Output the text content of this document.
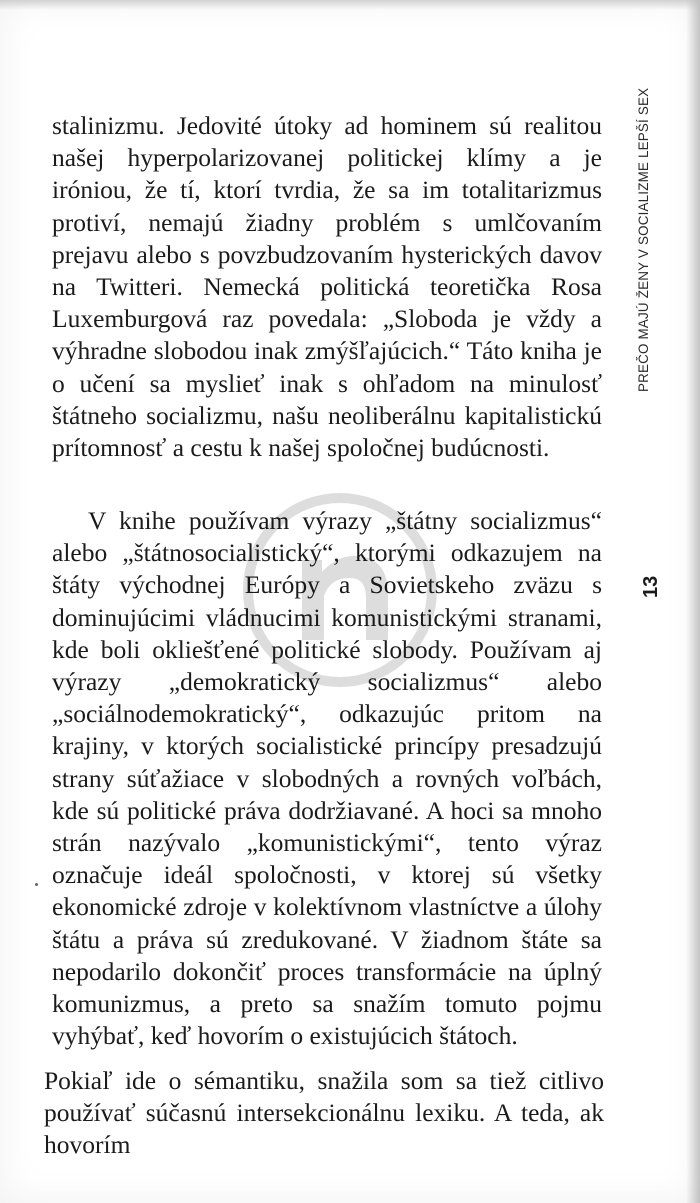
stalinizmu. Jedovité útoky ad hominem sú realitou našej hyperpolarizovanej politickej klímy a je iróniou, že tí, ktorí tvrdia, že sa im totalitarizmus protiví, nemajú žiadny problém s umlčovaním prejavu alebo s povzbudzovaním hysterických davov na Twitteri. Nemecká politická teoretička Rosa Luxemburgová raz povedala: „Sloboda je vždy a výhradne slobodou inak zmýšľajúcich.“ Táto kniha je o učení sa myslieť inak s ohľadom na minulosť štátneho socializmu, našu neoliberálnu kapitalistickú prítomnosť a cestu k našej spoločnej budúcnosti.

V knihe používam výrazy „štátny socializmus“ alebo „štátnosocialistický“, ktorými odkazujem na štáty východnej Európy a Sovietskeho zväzu s dominujúcimi vládnucimi komunistickými stranami, kde boli okliešťené politické slobody. Používam aj výrazy „demokratický socializmus“ alebo „sociálnodemokratický“, odkazujúc pritom na krajiny, v ktorých socialistické princípy presadzujú strany súťažiace v slobodných a rovných voľbách, kde sú politické práva dodržiavané. A hoci sa mnoho strán nazývalo „komunistickými“, tento výraz označuje ideál spoločnosti, v ktorej sú všetky ekonomické zdroje v kolektívnom vlastníctve a úlohy štátu a práva sú zredukované. V žiadnom štáte sa nepodarilo dokončiť proces transformácie na úplný komunizmus, a preto sa snažím tomuto pojmu vyhýbať, keď hovorím o existujúcich štátoch.

Pokiaľ ide o sémantiku, snažila som sa tiež citlivo používať súčasnú intersekcionálnu lexiku. A teda, ak hovorím

PREČO MAJÚ ŽENY V SOCIALIZME LEPŠÍ SEX
13
